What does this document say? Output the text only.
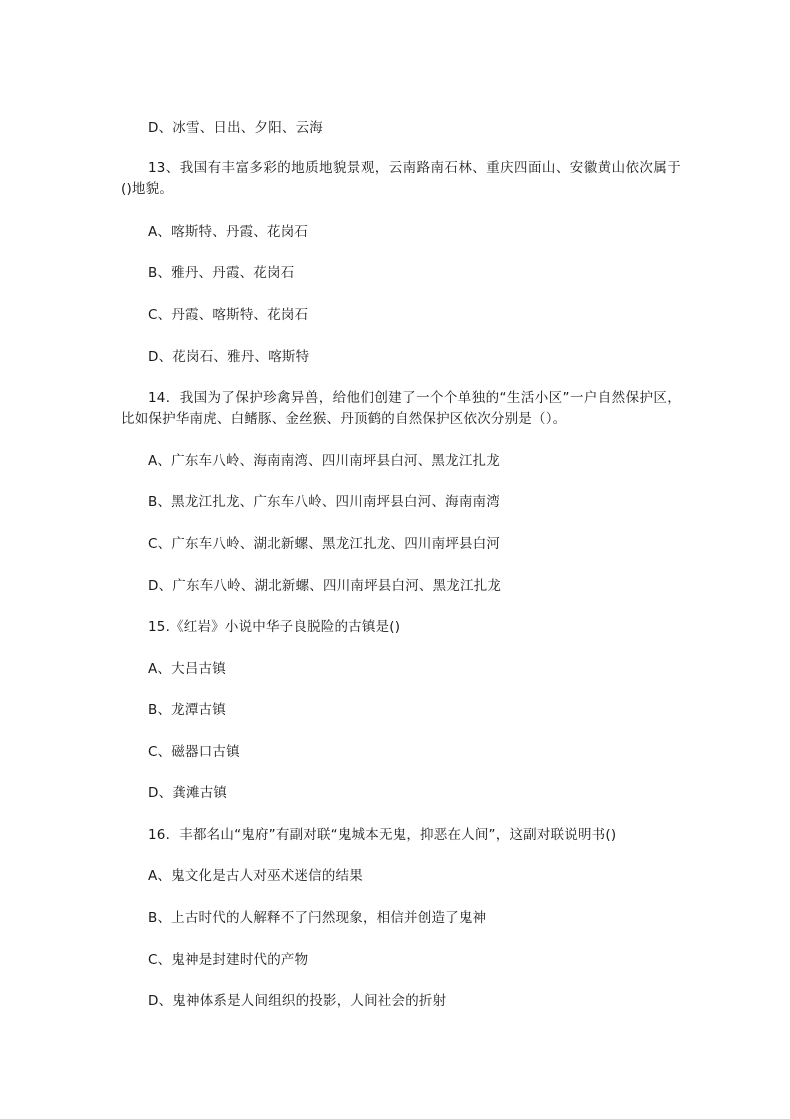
D、冰雪、日出、夕阳、云海
13、我国有丰富多彩的地质地貌景观，云南路南石林、重庆四面山、安徽黄山依次属于()地貌。
A、喀斯特、丹霞、花岗石
B、雅丹、丹霞、花岗石
C、丹霞、喀斯特、花岗石
D、花岗石、雅丹、喀斯特
14．我国为了保护珍禽异兽，给他们创建了一个个单独的“生活小区”一户自然保护区，比如保护华南虎、白鳍豚、金丝猴、丹顶鹤的自然保护区依次分别是（）。
A、广东车八岭、海南南湾、四川南坪县白河、黑龙江扎龙
B、黑龙江扎龙、广东车八岭、四川南坪县白河、海南南湾
C、广东车八岭、湖北新螺、黑龙江扎龙、四川南坪县白河
D、广东车八岭、湖北新螺、四川南坪县白河、黑龙江扎龙
15.《红岩》小说中华子良脱险的古镇是()
A、大吕古镇
B、龙潭古镇
C、磁器口古镇
D、龚滩古镇
16．丰都名山“鬼府”有副对联“鬼城本无鬼，抑恶在人间”，这副对联说明书()
A、鬼文化是古人对巫术迷信的结果
B、上古时代的人解释不了闩然现象，相信并创造了鬼神
C、鬼神是封建时代的产物
D、鬼神体系是人间组织的投影，人间社会的折射
